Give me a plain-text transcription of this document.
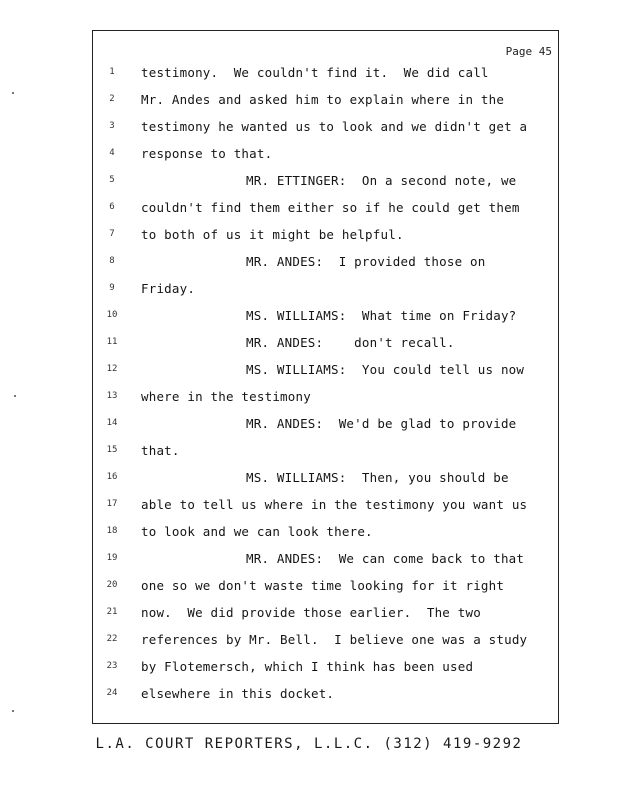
Page 45
1	testimony.  We couldn't find it.  We did call
2	Mr. Andes and asked him to explain where in the
3	testimony he wanted us to look and we didn't get a
4	response to that.
5	MR. ETTINGER:  On a second note, we
6	couldn't find them either so if he could get them
7	to both of us it might be helpful.
8	MR. ANDES:  I provided those on
9	Friday.
10	MS. WILLIAMS:  What time on Friday?
11	MR. ANDES:    don't recall.
12	MS. WILLIAMS:  You could tell us now
13 where in the testimony
14	MR. ANDES:  We'd be glad to provide
15 that.
16	MS. WILLIAMS:  Then, you should be
17 able to tell us where in the testimony you want us
18 to look and we can look there.
19	MR. ANDES:  We can come back to that
20 one so we don't waste time looking for it right
21 now.  We did provide those earlier.  The two
22 references by Mr. Bell.  I believe one was a study
23 by Flotemersch, which I think has been used
24 elsewhere in this docket.
L.A. COURT REPORTERS, L.L.C. (312) 419-9292
